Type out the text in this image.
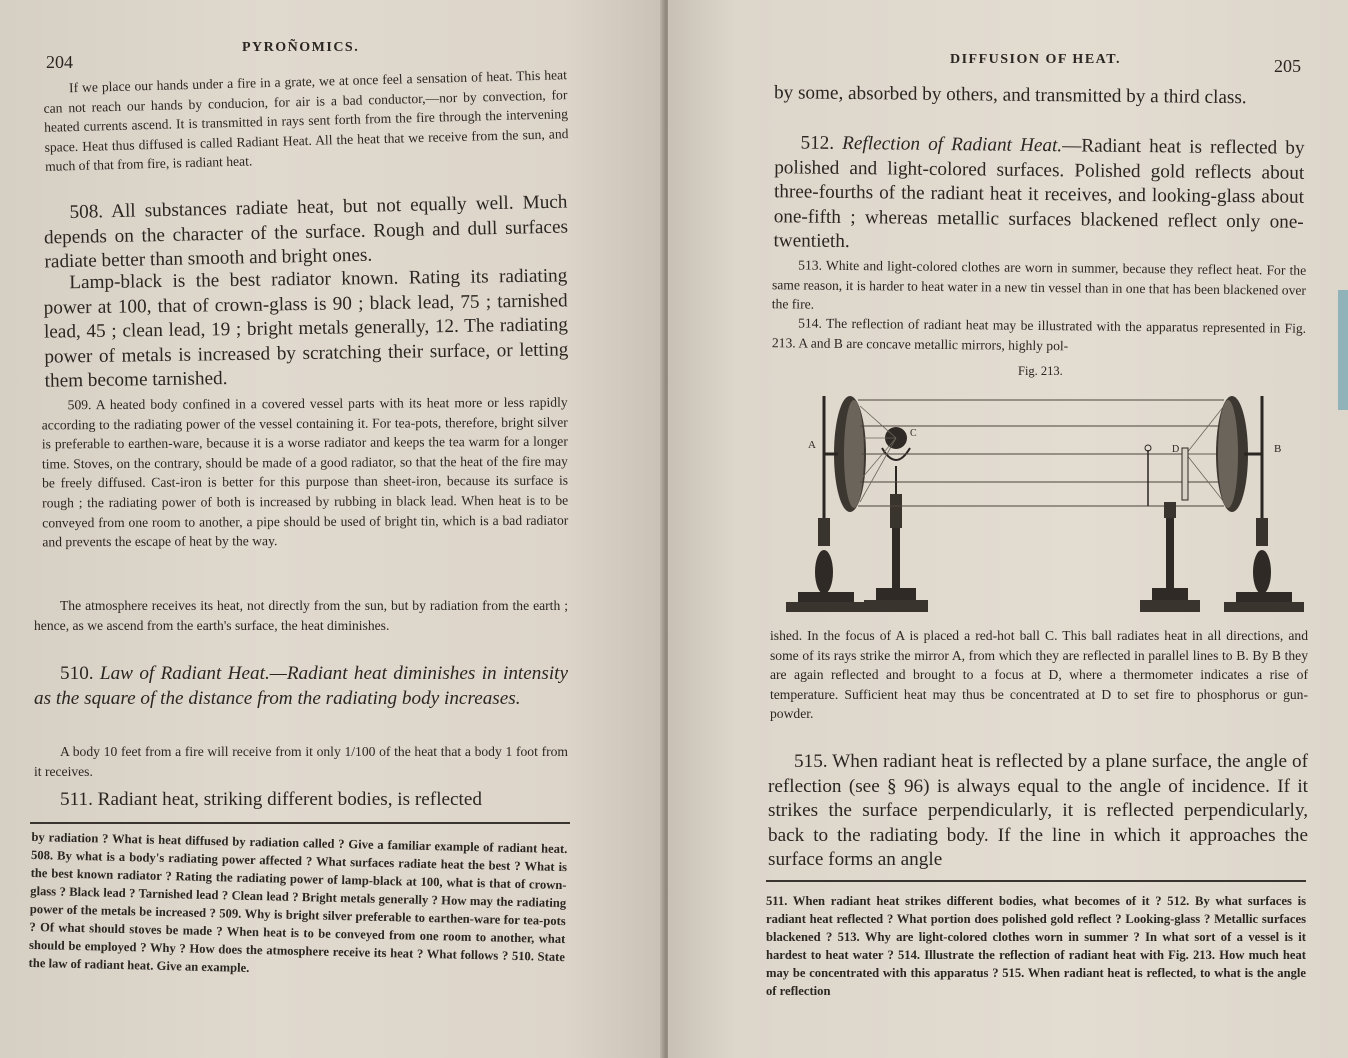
204
PYROÑOMICS.
If we place our hands under a fire in a grate, we at once feel a sensation of heat. This heat can not reach our hands by conducion, for air is a bad conductor,—nor by convection, for heated currents ascend. It is transmitted in rays sent forth from the fire through the intervening space. Heat thus diffused is called Radiant Heat. All the heat that we receive from the sun, and much of that from fire, is radiant heat.
508. All substances radiate heat, but not equally well. Much depends on the character of the surface. Rough and dull surfaces radiate better than smooth and bright ones.
Lamp-black is the best radiator known. Rating its radiating power at 100, that of crown-glass is 90 ; black lead, 75 ; tarnished lead, 45 ; clean lead, 19 ; bright metals generally, 12. The radiating power of metals is increased by scratching their surface, or letting them become tarnished.
509. A heated body confined in a covered vessel parts with its heat more or less rapidly according to the radiating power of the vessel containing it. For tea-pots, therefore, bright silver is preferable to earthen-ware, because it is a worse radiator and keeps the tea warm for a longer time. Stoves, on the contrary, should be made of a good radiator, so that the heat of the fire may be freely diffused. Cast-iron is better for this purpose than sheet-iron, because its surface is rough ; the radiating power of both is increased by rubbing in black lead. When heat is to be conveyed from one room to another, a pipe should be used of bright tin, which is a bad radiator and prevents the escape of heat by the way.
The atmosphere receives its heat, not directly from the sun, but by radiation from the earth ; hence, as we ascend from the earth's surface, the heat diminishes.
510. Law of Radiant Heat.—Radiant heat diminishes in intensity as the square of the distance from the radiating body increases.
A body 10 feet from a fire will receive from it only 1/100 of the heat that a body 1 foot from it receives.
511. Radiant heat, striking different bodies, is reflected
by radiation ? What is heat diffused by radiation called ? Give a familiar example of radiant heat. 508. By what is a body's radiating power affected ? What surfaces radiate heat the best ? What is the best known radiator ? Rating the radiating power of lamp-black at 100, what is that of crown-glass ? Black lead ? Tarnished lead ? Clean lead ? Bright metals generally ? How may the radiating power of the metals be increased ? 509. Why is bright silver preferable to earthen-ware for tea-pots ? Of what should stoves be made ? When heat is to be conveyed from one room to another, what should be employed ? Why ? How does the atmosphere receive its heat ? What follows ? 510. State the law of radiant heat. Give an example.
DIFFUSION OF HEAT.	205
by some, absorbed by others, and transmitted by a third class.
512. Reflection of Radiant Heat.—Radiant heat is reflected by polished and light-colored surfaces. Polished gold reflects about three-fourths of the radiant heat it receives, and looking-glass about one-fifth ; whereas metallic surfaces blackened reflect only one-twentieth.
513. White and light-colored clothes are worn in summer, because they reflect heat. For the same reason, it is harder to heat water in a new tin vessel than in one that has been blackened over the fire.
514. The reflection of radiant heat may be illustrated with the apparatus represented in Fig. 213. A and B are concave metallic mirrors, highly pol-
Fig. 213.
A
C
D	B
ished. In the focus of A is placed a red-hot ball C. This ball radiates heat in all directions, and some of its rays strike the mirror A, from which they are reflected in parallel lines to B. By B they are again reflected and brought to a focus at D, where a thermometer indicates a rise of temperature. Sufficient heat may thus be concentrated at D to set fire to phosphorus or gun-powder.
515. When radiant heat is reflected by a plane surface, the angle of reflection (see § 96) is always equal to the angle of incidence. If it strikes the surface perpendicularly, it is reflected perpendicularly, back to the radiating body. If the line in which it approaches the surface forms an angle
511. When radiant heat strikes different bodies, what becomes of it ? 512. By what surfaces is radiant heat reflected ? What portion does polished gold reflect ? Looking-glass ? Metallic surfaces blackened ? 513. Why are light-colored clothes worn in summer ? In what sort of a vessel is it hardest to heat water ? 514. Illustrate the reflection of radiant heat with Fig. 213. How much heat may be concentrated with this apparatus ? 515. When radiant heat is reflected, to what is the angle of reflection
